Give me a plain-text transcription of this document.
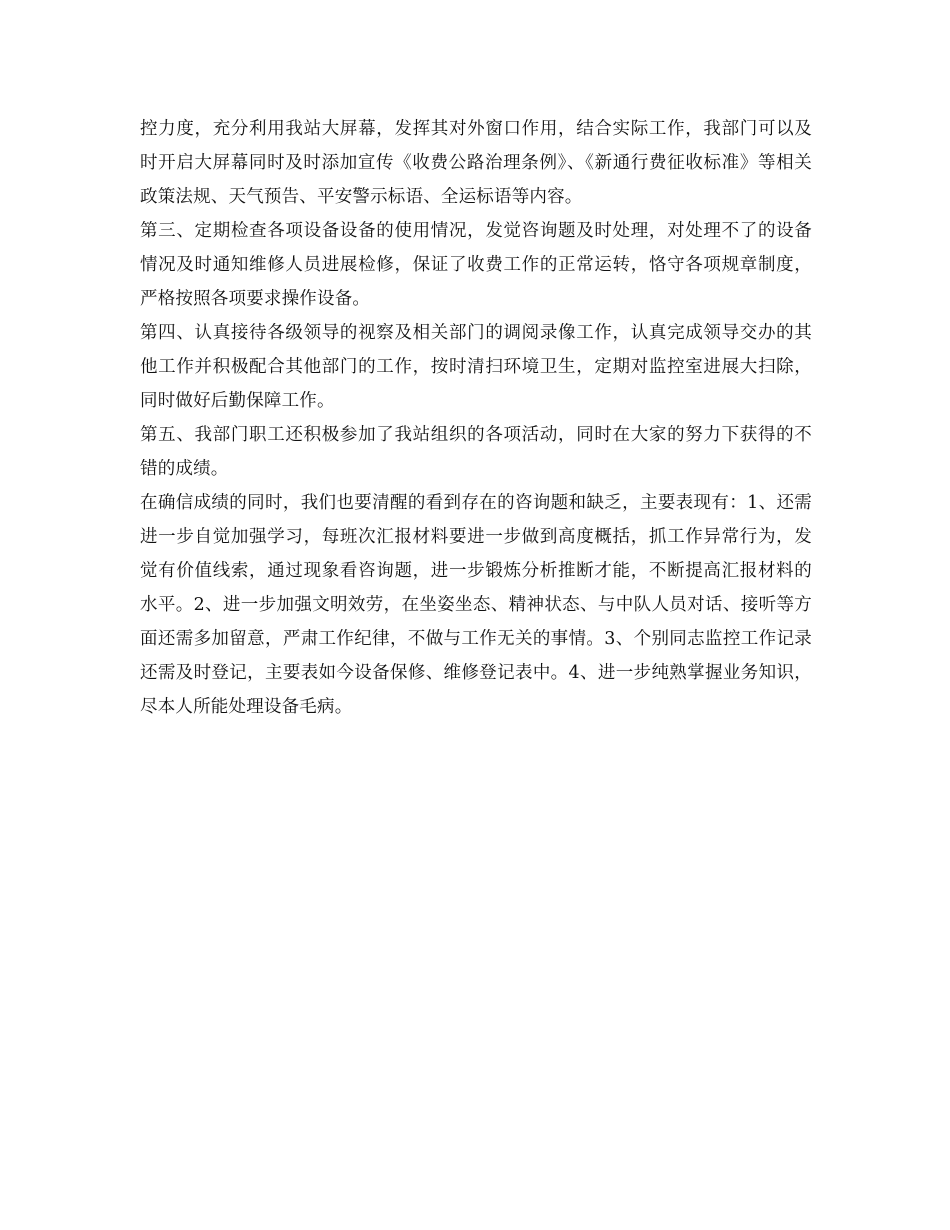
控力度，充分利用我站大屏幕，发挥其对外窗口作用，结合实际工作，我部门可以及时开启大屏幕同时及时添加宣传《收费公路治理条例》、《新通行费征收标准》等相关政策法规、天气预告、平安警示标语、全运标语等内容。

第三、定期检查各项设备设备的使用情况，发觉咨询题及时处理，对处理不了的设备情况及时通知维修人员进展检修，保证了收费工作的正常运转，恪守各项规章制度，严格按照各项要求操作设备。

第四、认真接待各级领导的视察及相关部门的调阅录像工作，认真完成领导交办的其他工作并积极配合其他部门的工作，按时清扫环境卫生，定期对监控室进展大扫除，同时做好后勤保障工作。

第五、我部门职工还积极参加了我站组织的各项活动，同时在大家的努力下获得的不错的成绩。

在确信成绩的同时，我们也要清醒的看到存在的咨询题和缺乏，主要表现有：1、还需进一步自觉加强学习，每班次汇报材料要进一步做到高度概括，抓工作异常行为，发觉有价值线索，通过现象看咨询题，进一步锻炼分析推断才能，不断提高汇报材料的水平。2、进一步加强文明效劳，在坐姿坐态、精神状态、与中队人员对话、接听等方面还需多加留意，严肃工作纪律，不做与工作无关的事情。3、个别同志监控工作记录还需及时登记，主要表如今设备保修、维修登记表中。4、进一步纯熟掌握业务知识，尽本人所能处理设备毛病。
